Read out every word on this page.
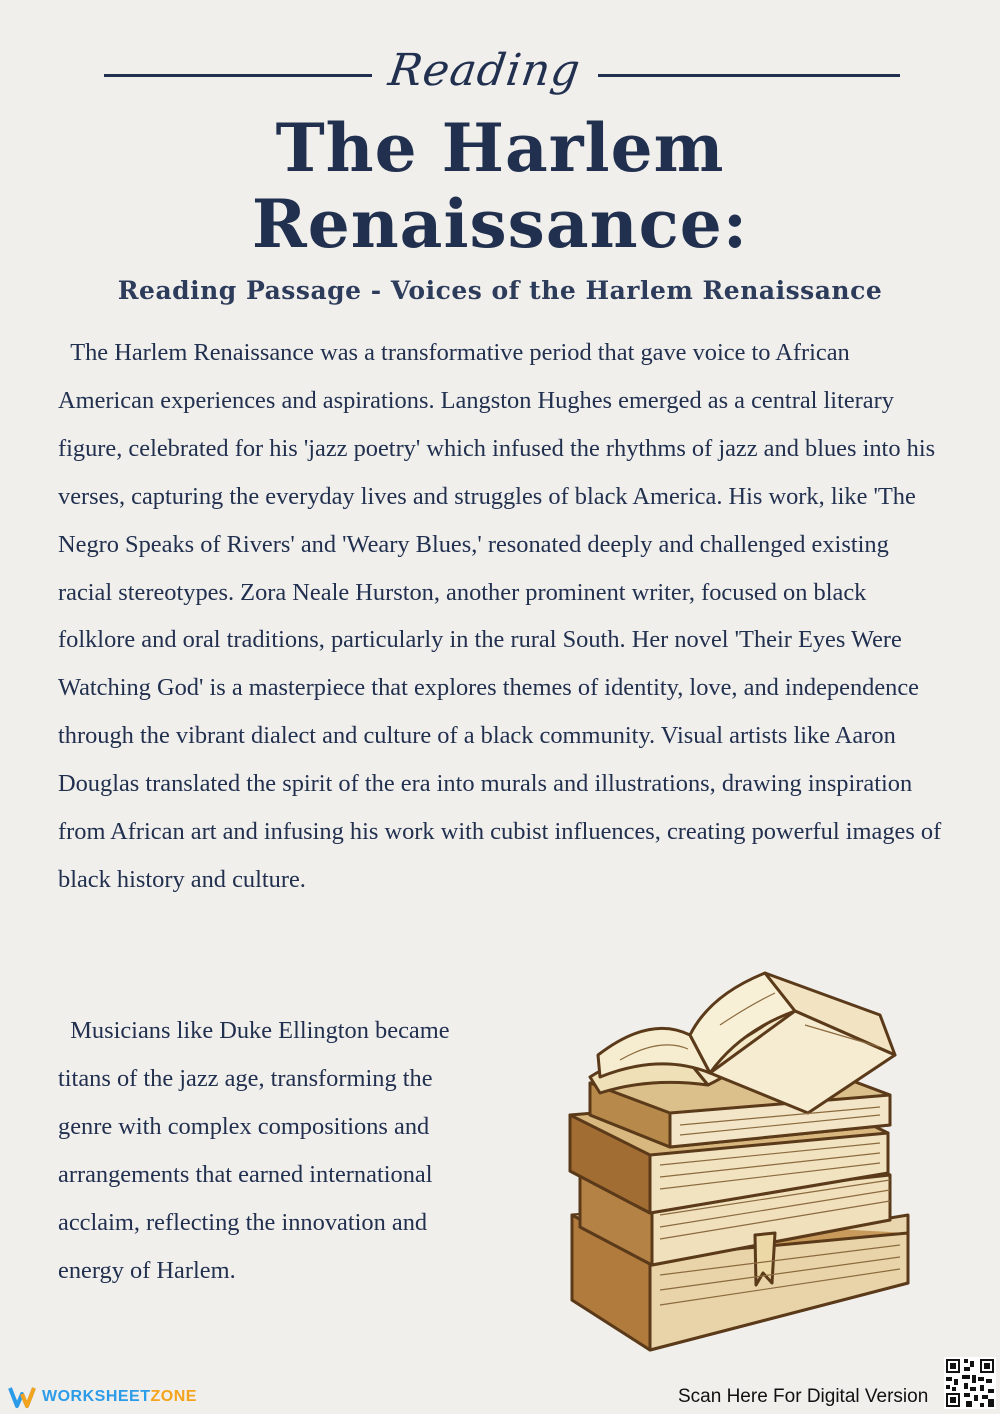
Reading
The Harlem
Renaissance:
Reading Passage - Voices of the Harlem Renaissance

The Harlem Renaissance was a transformative period that gave voice to African American experiences and aspirations. Langston Hughes emerged as a central literary figure, celebrated for his 'jazz poetry' which infused the rhythms of jazz and blues into his verses, capturing the everyday lives and struggles of black America. His work, like 'The Negro Speaks of Rivers' and 'Weary Blues,' resonated deeply and challenged existing racial stereotypes. Zora Neale Hurston, another prominent writer, focused on black folklore and oral traditions, particularly in the rural South. Her novel 'Their Eyes Were Watching God' is a masterpiece that explores themes of identity, love, and independence through the vibrant dialect and culture of a black community. Visual artists like Aaron Douglas translated the spirit of the era into murals and illustrations, drawing inspiration from African art and infusing his work with cubist influences, creating powerful images of black history and culture.

Musicians like Duke Ellington became titans of the jazz age, transforming the genre with complex compositions and arrangements that earned international acclaim, reflecting the innovation and energy of Harlem.

WORKSHEETZONE	Scan Here For Digital Version
